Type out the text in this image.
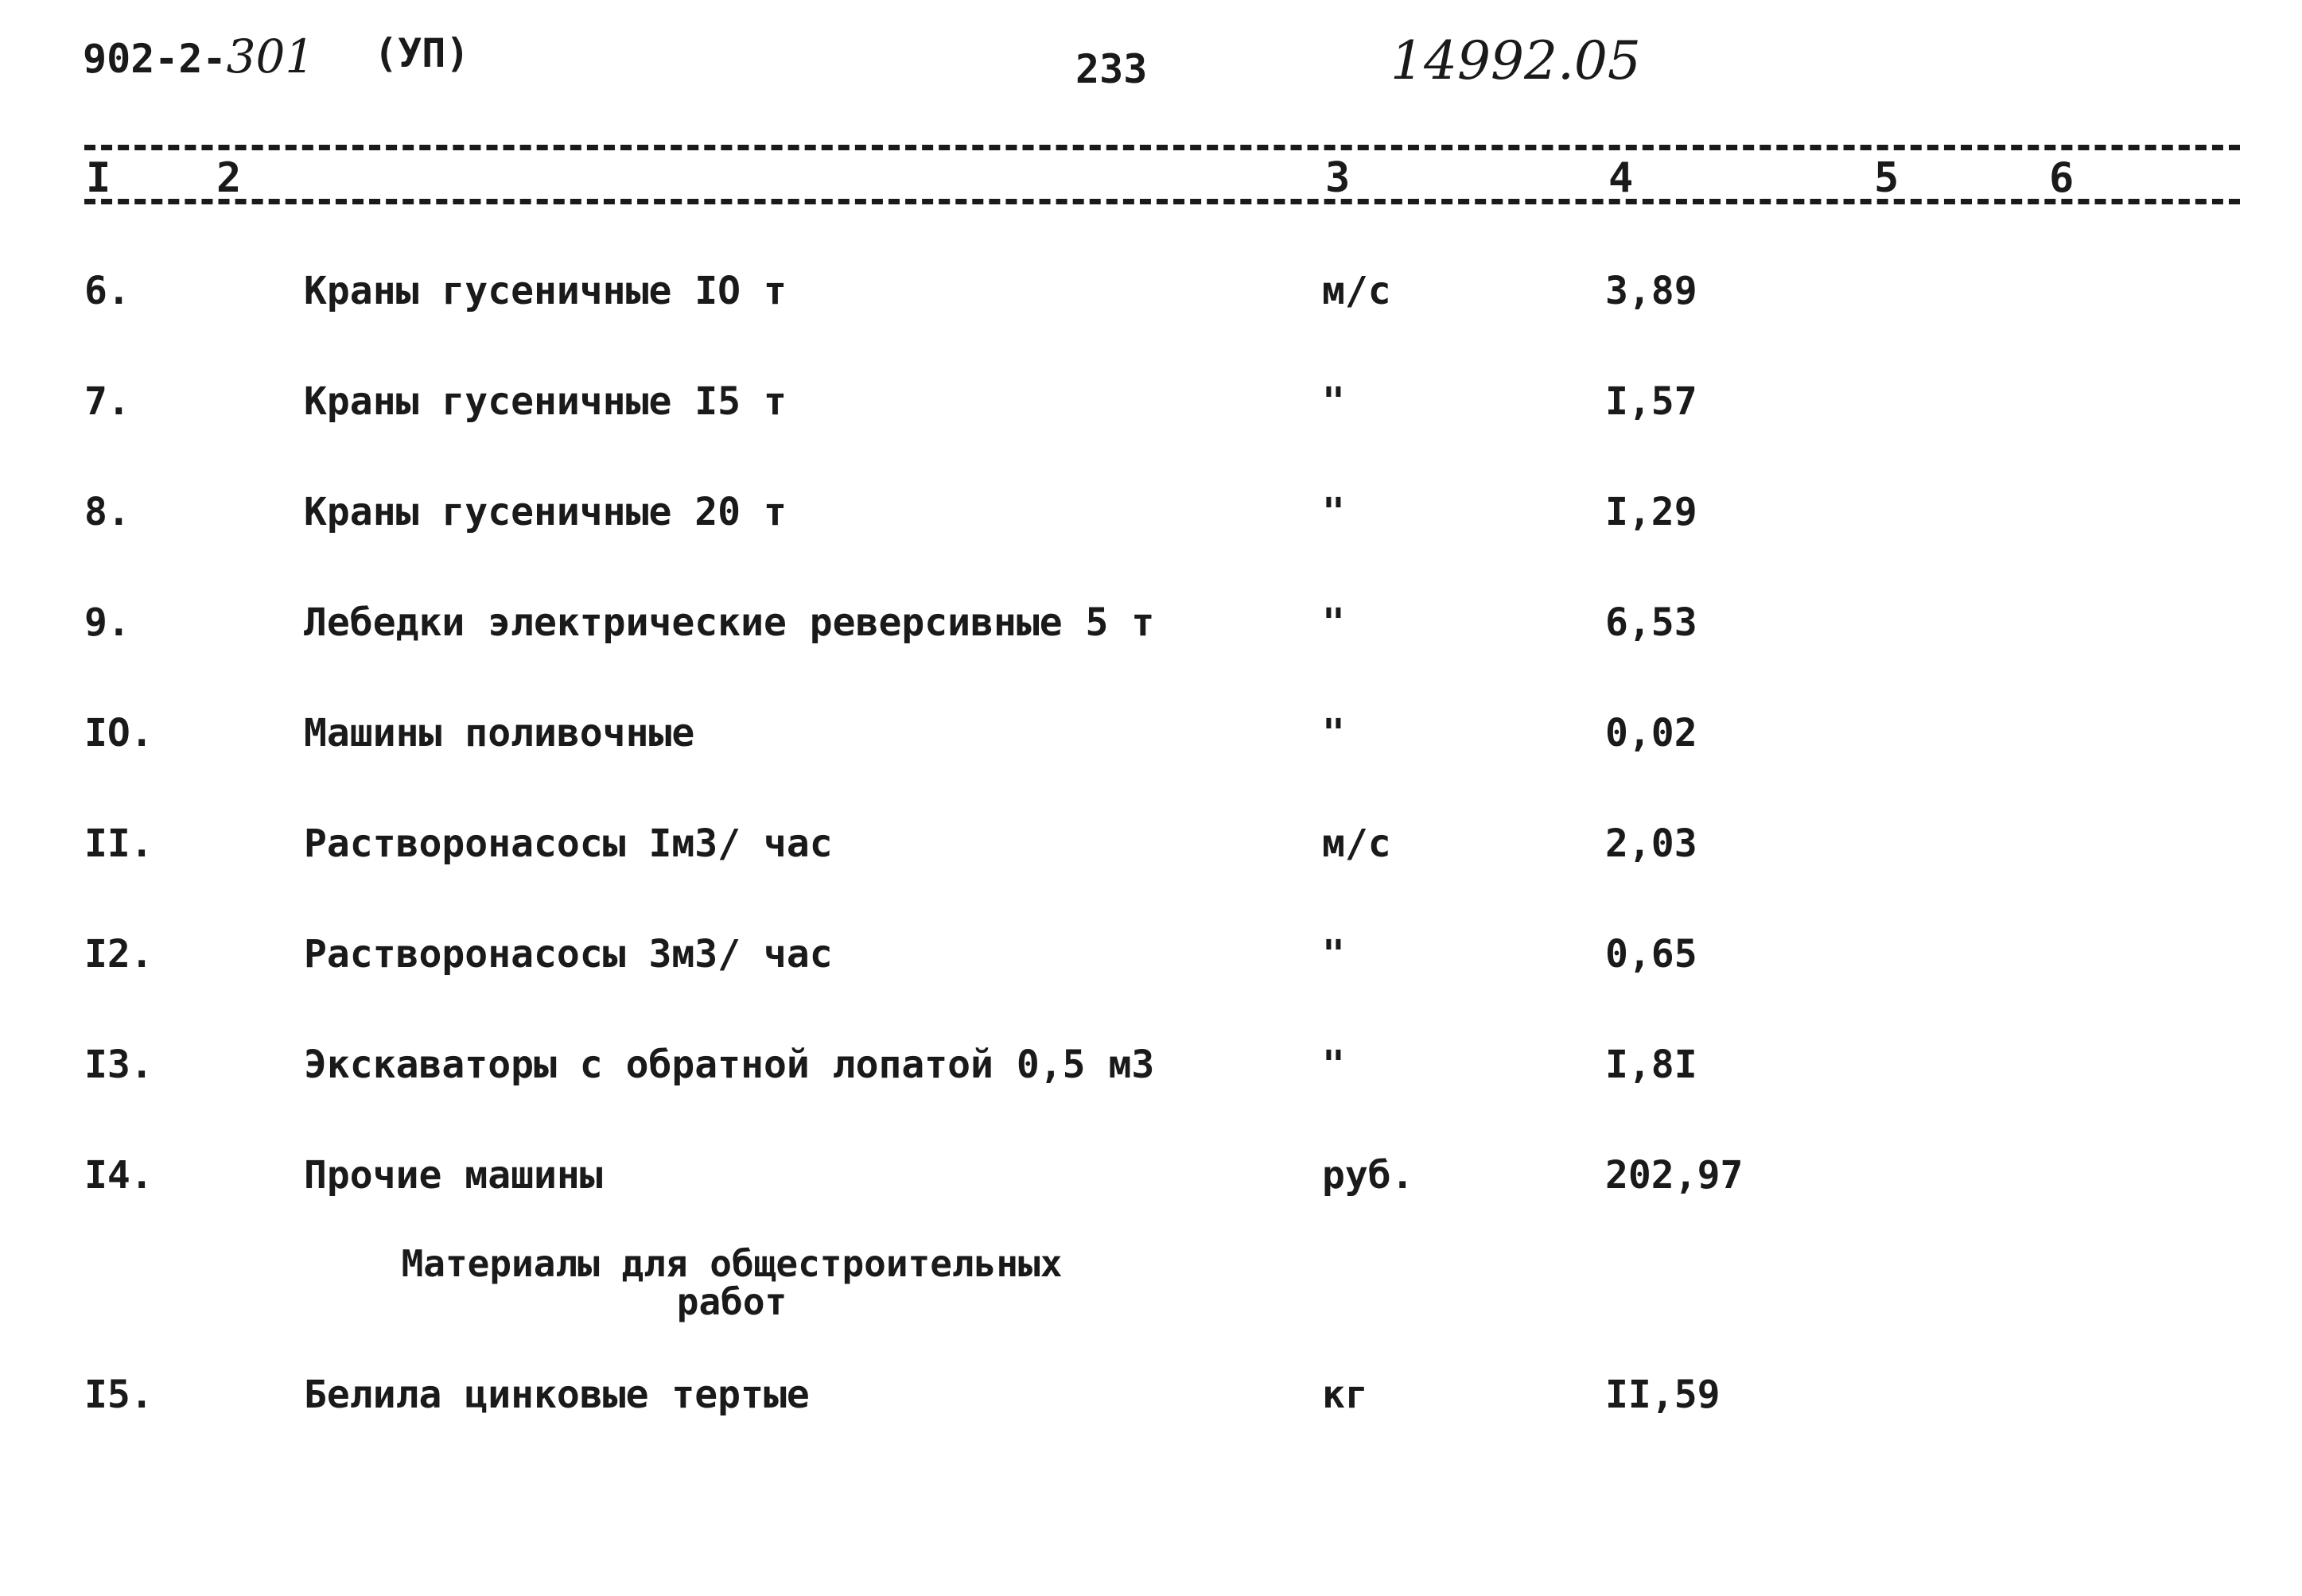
902-2-301 (УП)	233	14992.05
I	2	3	4	5	6
6.	Краны гусеничные IO т	м/с	3,89
7.	Краны гусеничные I5 т	"	I,57
8.	Краны гусеничные 20 т	"	I,29
9.	Лебедки электрические реверсивные 5 т	"	6,53
IO.	Машины поливочные	"	0,02
II.	Растворонасосы IмЗ/ час	м/с	2,03
I2.	Растворонасосы ЗмЗ/ час	"	0,65
IЗ.	Экскаваторы с обратной лопатой 0,5 мЗ	"	I,8I
I4.	Прочие машины	руб.	202,97
Материалы для общестроительных
работ
I5.	Белила цинковые тертые	кг	II,59
